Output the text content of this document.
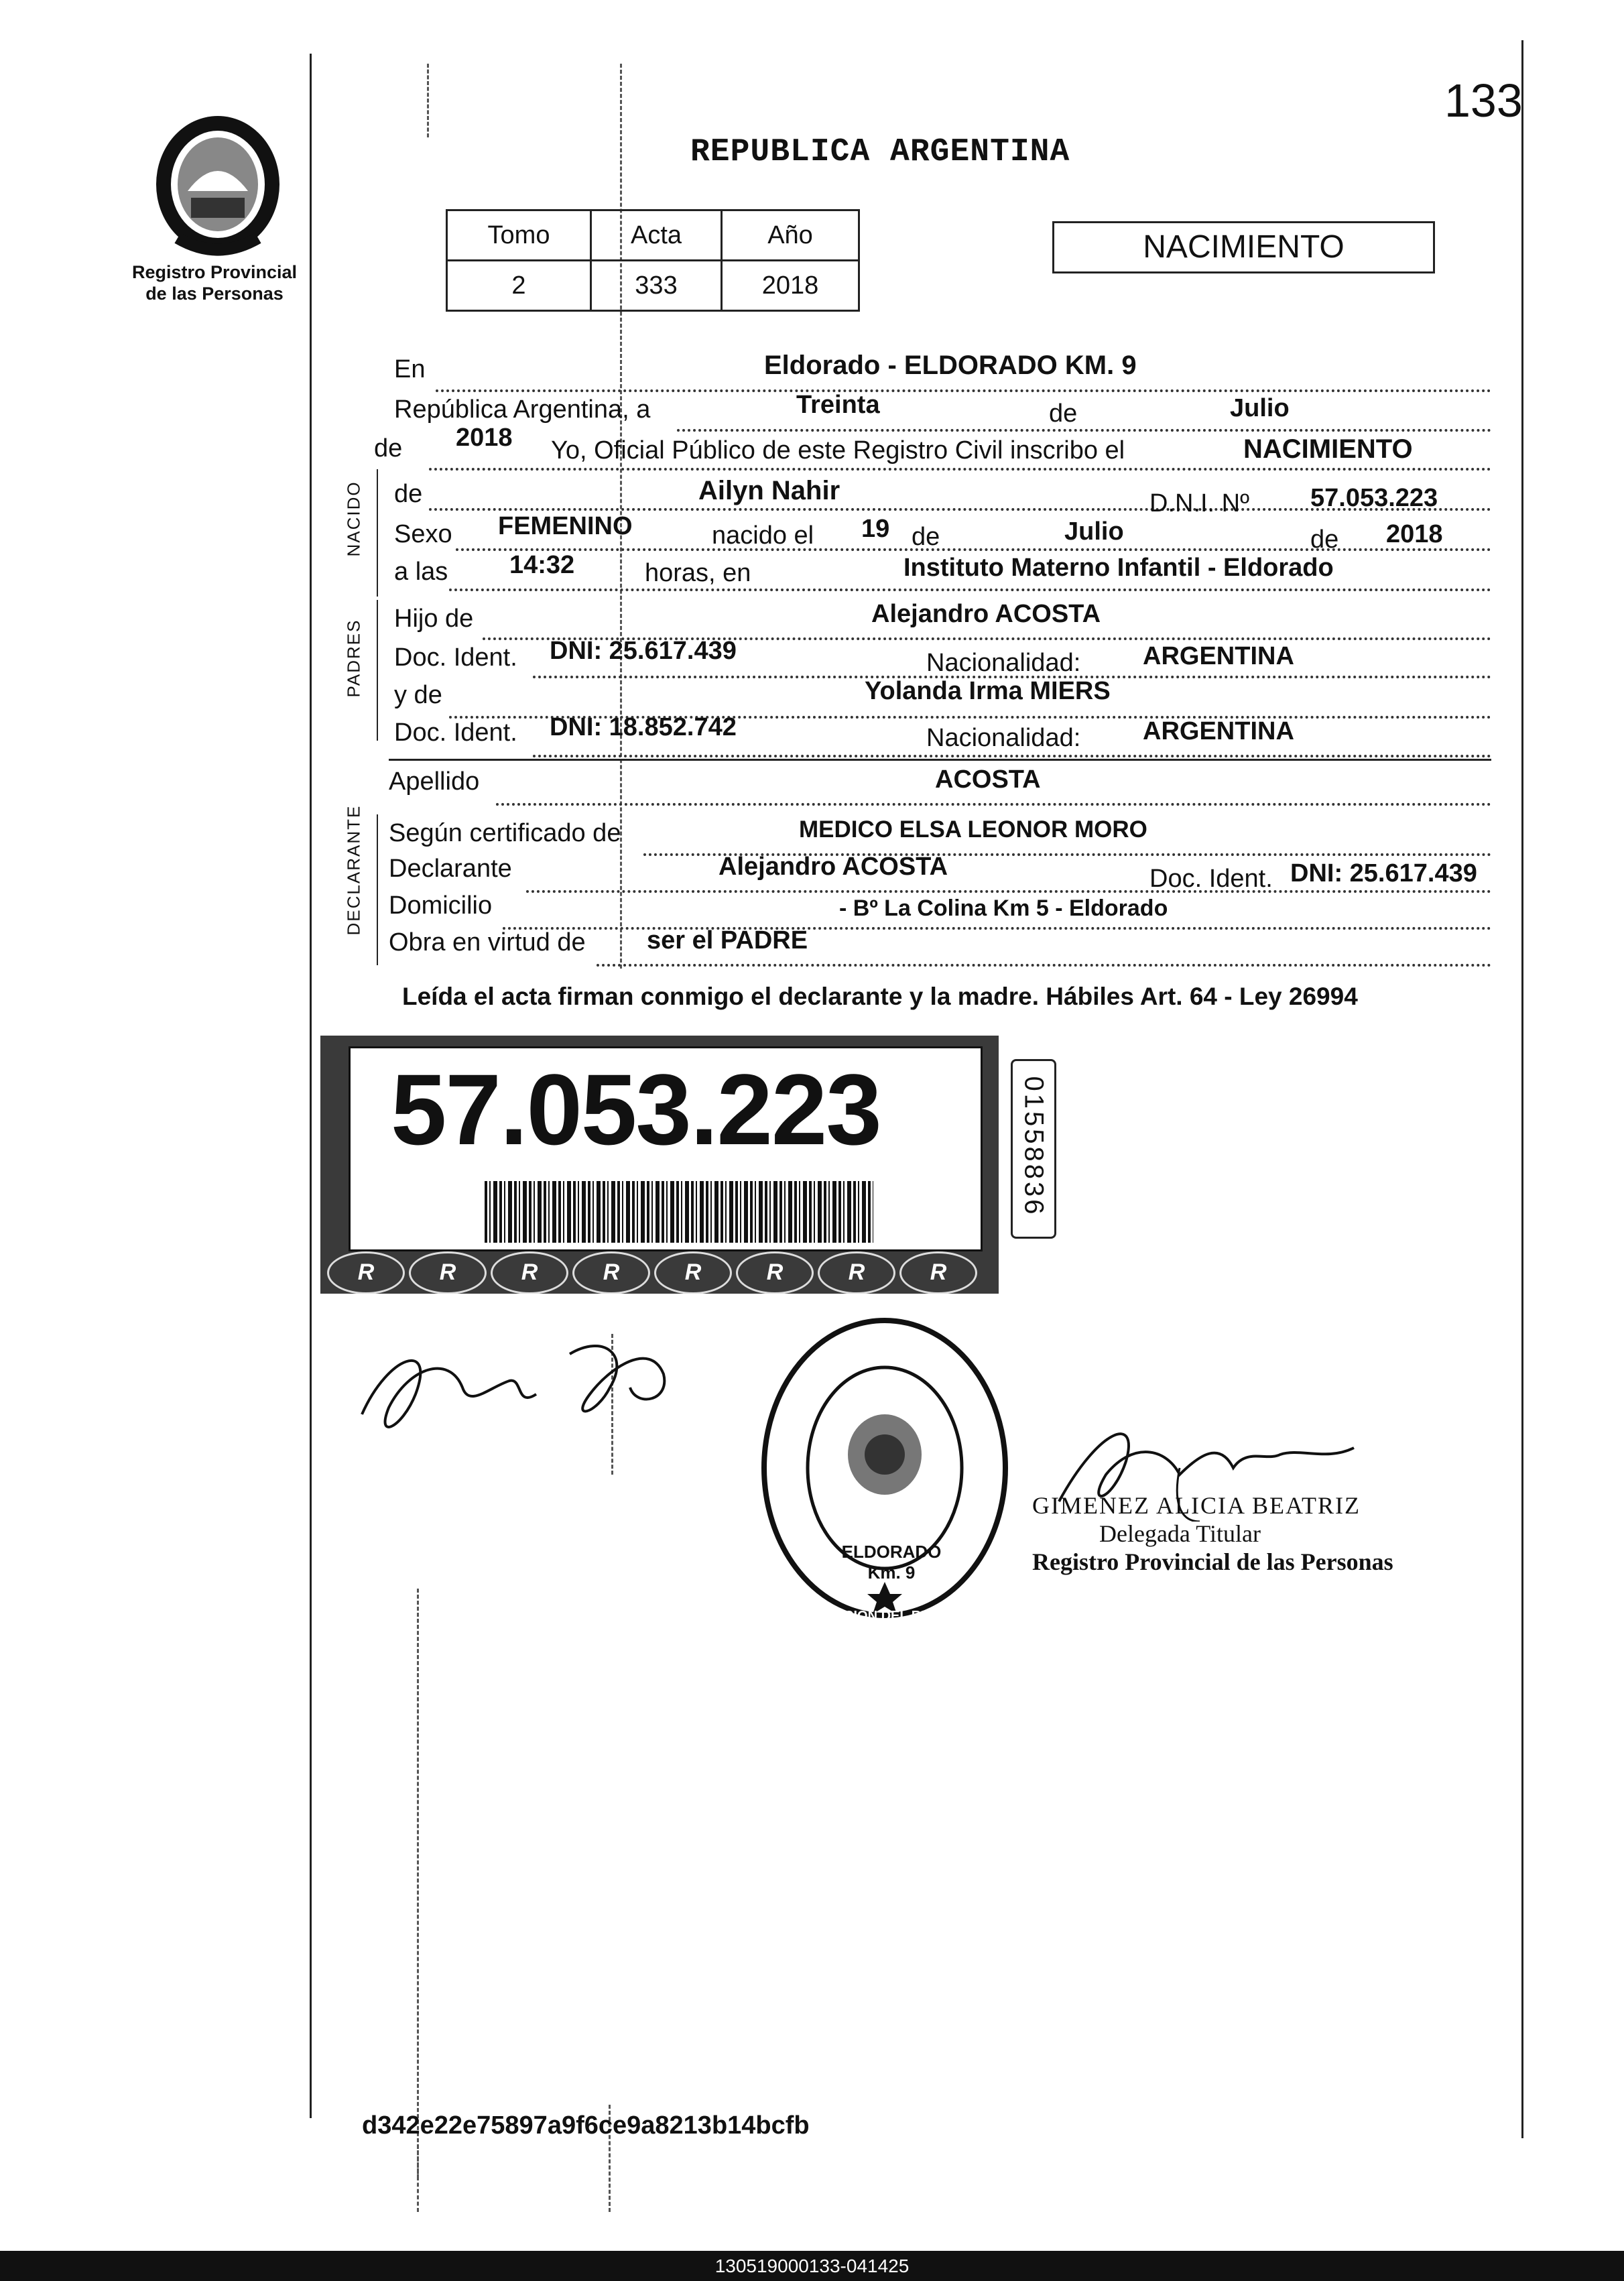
133
Registro Provincial
de las Personas
REPUBLICA ARGENTINA
Tomo	Acta	Año
2	333	2018
NACIMIENTO
NACIDO
PADRES
DECLARANTE
En	Eldorado - ELDORADO KM. 9
República Argentina, a	Treinta	de	Julio
de 2018 Yo, Oficial Público de este Registro Civil inscribo el	NACIMIENTO
de	Ailyn Nahir	D.N.I. Nº 57.053.223
Sexo FEMENINO	nacido el 19 de	Julio	de 2018
a las 14:32	horas, en	Instituto Materno Infantil - Eldorado
Hijo de	Alejandro ACOSTA
Doc. Ident. DNI: 25.617.439	Nacionalidad: ARGENTINA
y de	Yolanda Irma MIERS
Doc. Ident. DNI: 18.852.742	Nacionalidad: ARGENTINA
Apellido	ACOSTA
Según certificado de	MEDICO ELSA LEONOR MORO
Declarante	Alejandro ACOSTA	Doc. Ident. DNI: 25.617.439
Domicilio	- Bº La Colina Km 5 - Eldorado
Obra en virtud de ser el PADRE
Leída el acta firman conmigo el declarante y la madre. Hábiles Art. 64 - Ley 26994
57.053.223
R	R	R	R	R	R	R	R
01558836
DELEGACION DEL REGISTRO PROVINCIAL DE LAS PERSONAS
ELDORADO Km. 9
GIMENEZ ALICIA BEATRIZ
Delegada Titular
Registro Provincial de las Personas
d342e22e75897a9f6ce9a8213b14bcfb
130519000133-041425
